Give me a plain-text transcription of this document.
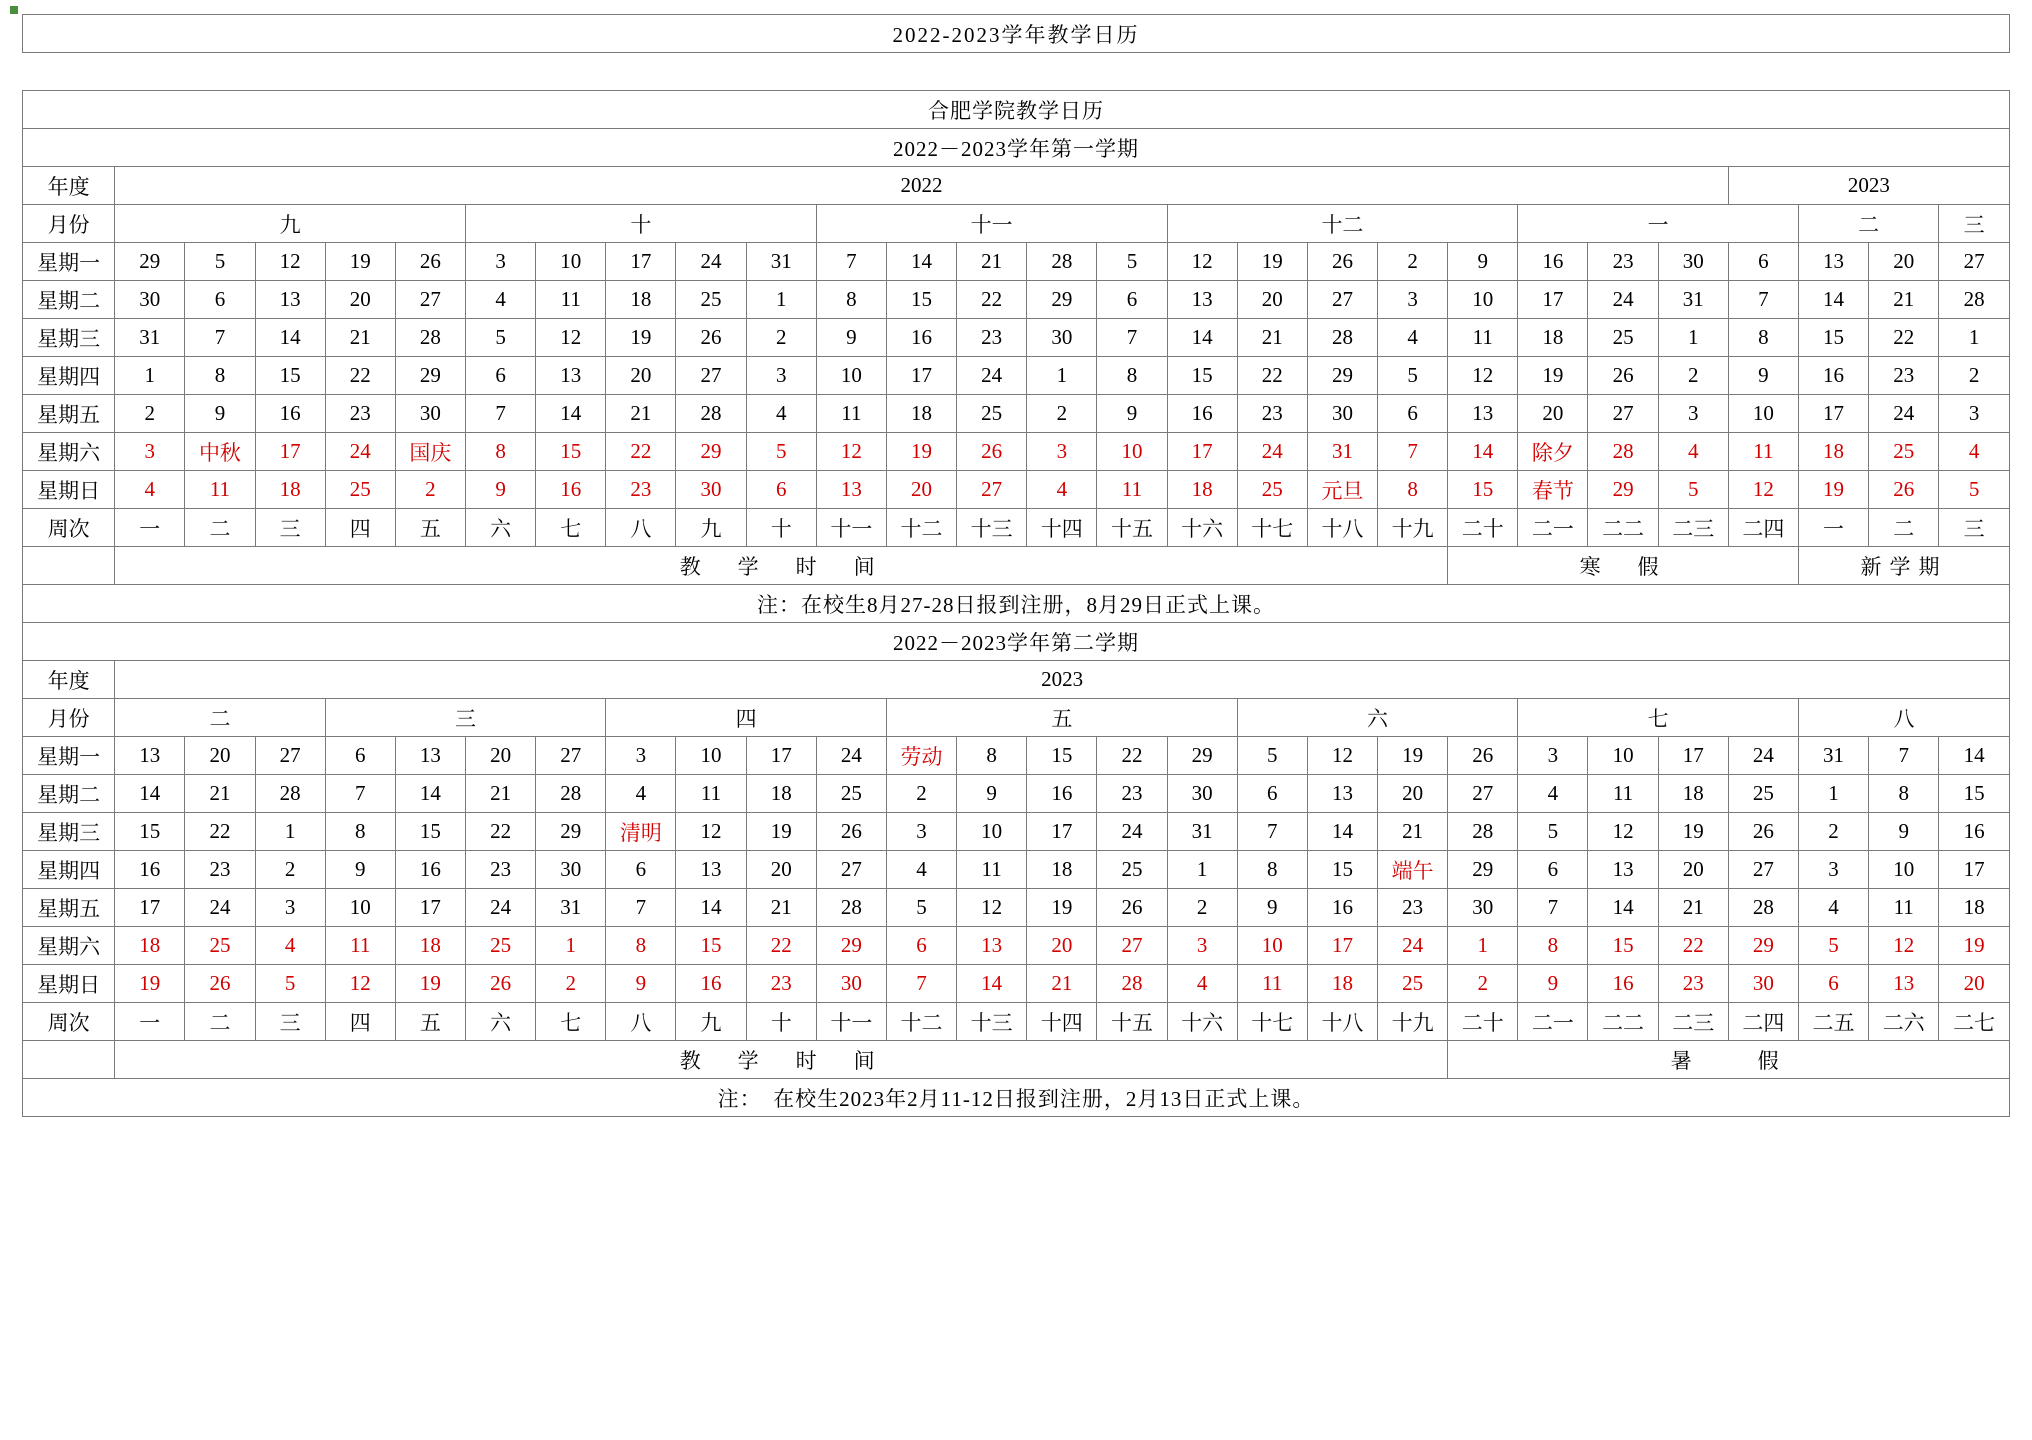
2022-2023学年教学日历																											

合肥学院教学日历																											
2022－2023学年第一学期																											
年度	2022																							2023			
月份	九					十					十一					十二					一				二		三
星期一	29	5	12	19	26	3	10	17	24	31	7	14	21	28	5	12	19	26	2	9	16	23	30	6	13	20	27
星期二	30	6	13	20	27	4	11	18	25	1	8	15	22	29	6	13	20	27	3	10	17	24	31	7	14	21	28
星期三	31	7	14	21	28	5	12	19	26	2	9	16	23	30	7	14	21	28	4	11	18	25	1	8	15	22	1
星期四	1	8	15	22	29	6	13	20	27	3	10	17	24	1	8	15	22	29	5	12	19	26	2	9	16	23	2
星期五	2	9	16	23	30	7	14	21	28	4	11	18	25	2	9	16	23	30	6	13	20	27	3	10	17	24	3
星期六	3	中秋	17	24	国庆	8	15	22	29	5	12	19	26	3	10	17	24	31	7	14	除夕	28	4	11	18	25	4
星期日	4	11	18	25	2	9	16	23	30	6	13	20	27	4	11	18	25	元旦	8	15	春节	29	5	12	19	26	5
周次	一	二	三	四	五	六	七	八	九	十	十一	十二	十三	十四	十五	十六	十七	十八	十九	二十	二一	二二	二三	二四	一	二	三
	教　学　时　间																			寒　假					新学期		
注：在校生8月27-28日报到注册，8月29日正式上课。																											
2022－2023学年第二学期																											
年度	2023																										
月份	二			三				四				五					六				七				八		
星期一	13	20	27	6	13	20	27	3	10	17	24	劳动	8	15	22	29	5	12	19	26	3	10	17	24	31	7	14
星期二	14	21	28	7	14	21	28	4	11	18	25	2	9	16	23	30	6	13	20	27	4	11	18	25	1	8	15
星期三	15	22	1	8	15	22	29	清明	12	19	26	3	10	17	24	31	7	14	21	28	5	12	19	26	2	9	16
星期四	16	23	2	9	16	23	30	6	13	20	27	4	11	18	25	1	8	15	端午	29	6	13	20	27	3	10	17
星期五	17	24	3	10	17	24	31	7	14	21	28	5	12	19	26	2	9	16	23	30	7	14	21	28	4	11	18
星期六	18	25	4	11	18	25	1	8	15	22	29	6	13	20	27	3	10	17	24	1	8	15	22	29	5	12	19
星期日	19	26	5	12	19	26	2	9	16	23	30	7	14	21	28	4	11	18	25	2	9	16	23	30	6	13	20
周次	一	二	三	四	五	六	七	八	九	十	十一	十二	十三	十四	十五	十六	十七	十八	十九	二十	二一	二二	二三	二四	二五	二六	二七
	教　学　时　间																			暑　　假							
注：　在校生2023年2月11-12日报到注册，2月13日正式上课。																											
